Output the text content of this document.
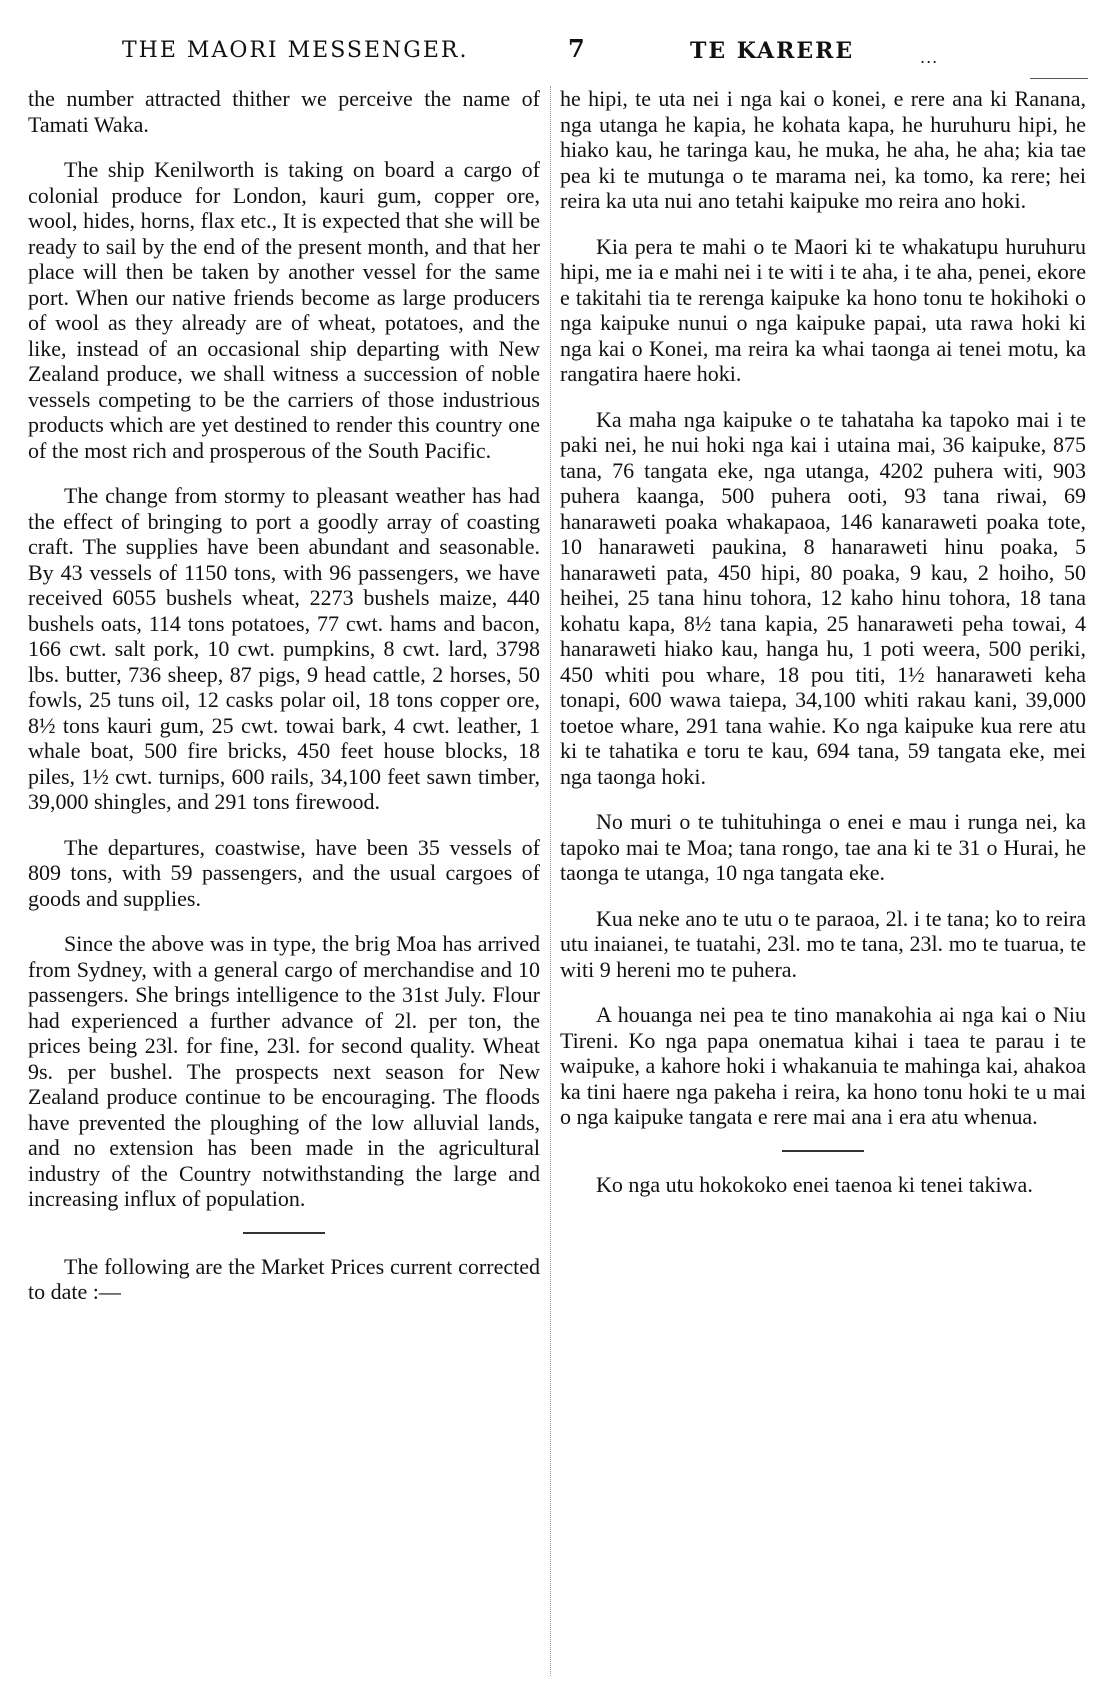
THE MAORI MESSENGER.	7	TE KARERE	...

the number attracted thither we perceive the name of Tamati Waka.

The ship Kenilworth is taking on board a cargo of colonial produce for London, kauri gum, copper ore, wool, hides, horns, flax etc., It is expected that she will be ready to sail by the end of the present month, and that her place will then be taken by another vessel for the same port. When our native friends become as large producers of wool as they already are of wheat, potatoes, and the like, instead of an occasional ship departing with New Zealand produce, we shall witness a succession of noble vessels competing to be the carriers of those industrious products which are yet destined to render this country one of the most rich and prosperous of the South Pacific.

The change from stormy to pleasant weather has had the effect of bringing to port a goodly array of coasting craft. The supplies have been abundant and seasonable. By 43 vessels of 1150 tons, with 96 passengers, we have received 6055 bushels wheat, 2273 bushels maize, 440 bushels oats, 114 tons potatoes, 77 cwt. hams and bacon, 166 cwt. salt pork, 10 cwt. pumpkins, 8 cwt. lard, 3798 lbs. butter, 736 sheep, 87 pigs, 9 head cattle, 2 horses, 50 fowls, 25 tuns oil, 12 casks polar oil, 18 tons copper ore, 8½ tons kauri gum, 25 cwt. towai bark, 4 cwt. leather, 1 whale boat, 500 fire bricks, 450 feet house blocks, 18 piles, 1½ cwt. turnips, 600 rails, 34,100 feet sawn timber, 39,000 shingles, and 291 tons firewood.

The departures, coastwise, have been 35 vessels of 809 tons, with 59 passengers, and the usual cargoes of goods and supplies.

Since the above was in type, the brig Moa has arrived from Sydney, with a general cargo of merchandise and 10 passengers. She brings intelligence to the 31st July. Flour had experienced a further advance of 2l. per ton, the prices being 23l. for fine, 23l. for second quality. Wheat 9s. per bushel. The prospects next season for New Zealand produce continue to be encouraging. The floods have prevented the ploughing of the low alluvial lands, and no extension has been made in the agricultural industry of the Country notwithstanding the large and increasing influx of population.

The following are the Market Prices current corrected to date :—

he hipi, te uta nei i nga kai o konei, e rere ana ki Ranana, nga utanga he kapia, he kohata kapa, he huruhuru hipi, he hiako kau, he taringa kau, he muka, he aha, he aha; kia tae pea ki te mutunga o te marama nei, ka tomo, ka rere; hei reira ka uta nui ano tetahi kaipuke mo reira ano hoki.

Kia pera te mahi o te Maori ki te whakatupu huruhuru hipi, me ia e mahi nei i te witi i te aha, i te aha, penei, ekore e takitahi tia te rerenga kaipuke ka hono tonu te hokihoki o nga kaipuke nunui o nga kaipuke papai, uta rawa hoki ki nga kai o Konei, ma reira ka whai taonga ai tenei motu, ka rangatira haere hoki.

Ka maha nga kaipuke o te tahataha ka tapoko mai i te paki nei, he nui hoki nga kai i utaina mai, 36 kaipuke, 875 tana, 76 tangata eke, nga utanga, 4202 puhera witi, 903 puhera kaanga, 500 puhera ooti, 93 tana riwai, 69 hanaraweti poaka whakapaoa, 146 kanaraweti poaka tote, 10 hanaraweti paukina, 8 hanaraweti hinu poaka, 5 hanaraweti pata, 450 hipi, 80 poaka, 9 kau, 2 hoiho, 50 heihei, 25 tana hinu tohora, 12 kaho hinu tohora, 18 tana kohatu kapa, 8½ tana kapia, 25 hanaraweti peha towai, 4 hanaraweti hiako kau, hanga hu, 1 poti weera, 500 periki, 450 whiti pou whare, 18 pou titi, 1½ hanaraweti keha tonapi, 600 wawa taiepa, 34,100 whiti rakau kani, 39,000 toetoe whare, 291 tana wahie. Ko nga kaipuke kua rere atu ki te tahatika e toru te kau, 694 tana, 59 tangata eke, mei nga taonga hoki.

No muri o te tuhituhinga o enei e mau i runga nei, ka tapoko mai te Moa; tana rongo, tae ana ki te 31 o Hurai, he taonga te utanga, 10 nga tangata eke.

Kua neke ano te utu o te paraoa, 2l. i te tana; ko to reira utu inaianei, te tuatahi, 23l. mo te tana, 23l. mo te tuarua, te witi 9 hereni mo te puhera.

A houanga nei pea te tino manakohia ai nga kai o Niu Tireni. Ko nga papa onematua kihai i taea te parau i te waipuke, a kahore hoki i whakanuia te mahinga kai, ahakoa ka tini haere nga pakeha i reira, ka hono tonu hoki te u mai o nga kaipuke tangata e rere mai ana i era atu whenua.

Ko nga utu hokokoko enei taenoa ki tenei takiwa.
